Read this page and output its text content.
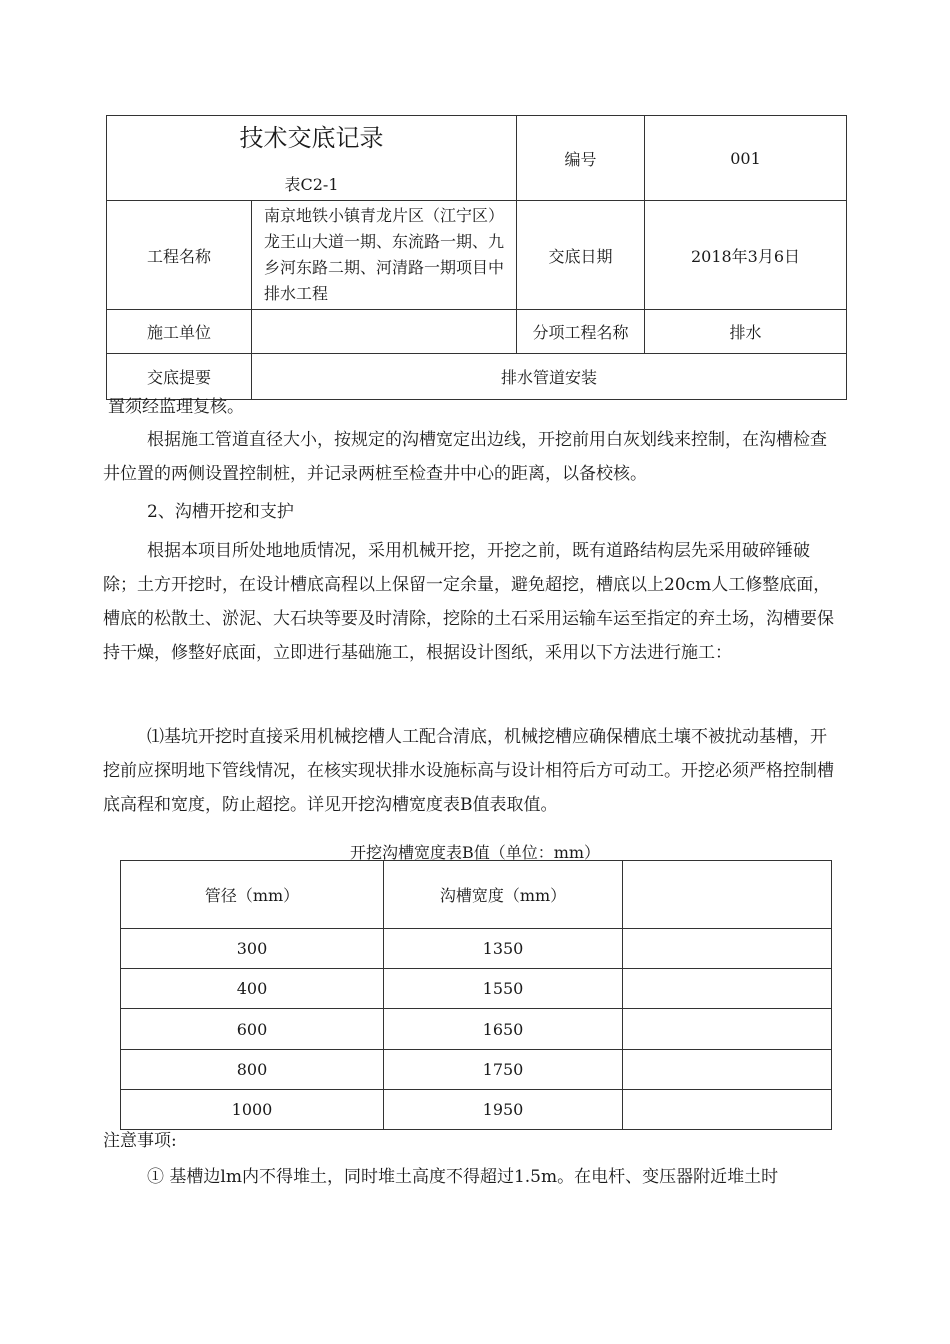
技术交底记录
表C2-1		编号	001
工程名称	南京地铁小镇青龙片区（江宁区）龙王山大道一期、东流路一期、九乡河东路二期、河清路一期项目中排水工程	交底日期	2018年3月6日
施工单位		分项工程名称	排水
交底提要	排水管道安装		

置须经监理复核。

根据施工管道直径大小，按规定的沟槽宽定出边线，开挖前用白灰划线来控制，在沟槽检查井位置的两侧设置控制桩，并记录两桩至检查井中心的距离，以备校核。

2、沟槽开挖和支护

根据本项目所处地地质情况，采用机械开挖，开挖之前，既有道路结构层先采用破碎锤破除；土方开挖时，在设计槽底高程以上保留一定余量，避免超挖，槽底以上20cm人工修整底面，槽底的松散土、淤泥、大石块等要及时清除，挖除的土石采用运输车运至指定的弃土场，沟槽要保持干燥，修整好底面，立即进行基础施工，根据设计图纸，釆用以下方法进行施工：

⑴基坑开挖时直接采用机械挖槽人工配合清底，机械挖槽应确保槽底土壤不被扰动基槽，开挖前应探明地下管线情况，在核实现状排水设施标高与设计相符后方可动工。开挖必须严格控制槽底高程和宽度，防止超挖。详见开挖沟槽宽度表B值表取值。

开挖沟槽宽度表B值（单位：mm）
管径（mm）	沟槽宽度（mm）	
300	1350	
400	1550	
600	1650	
800	1750	
1000	1950	

注意事项:

① 基槽边lm内不得堆土，同时堆土高度不得超过1.5m。在电杆、变压器附近堆土时
